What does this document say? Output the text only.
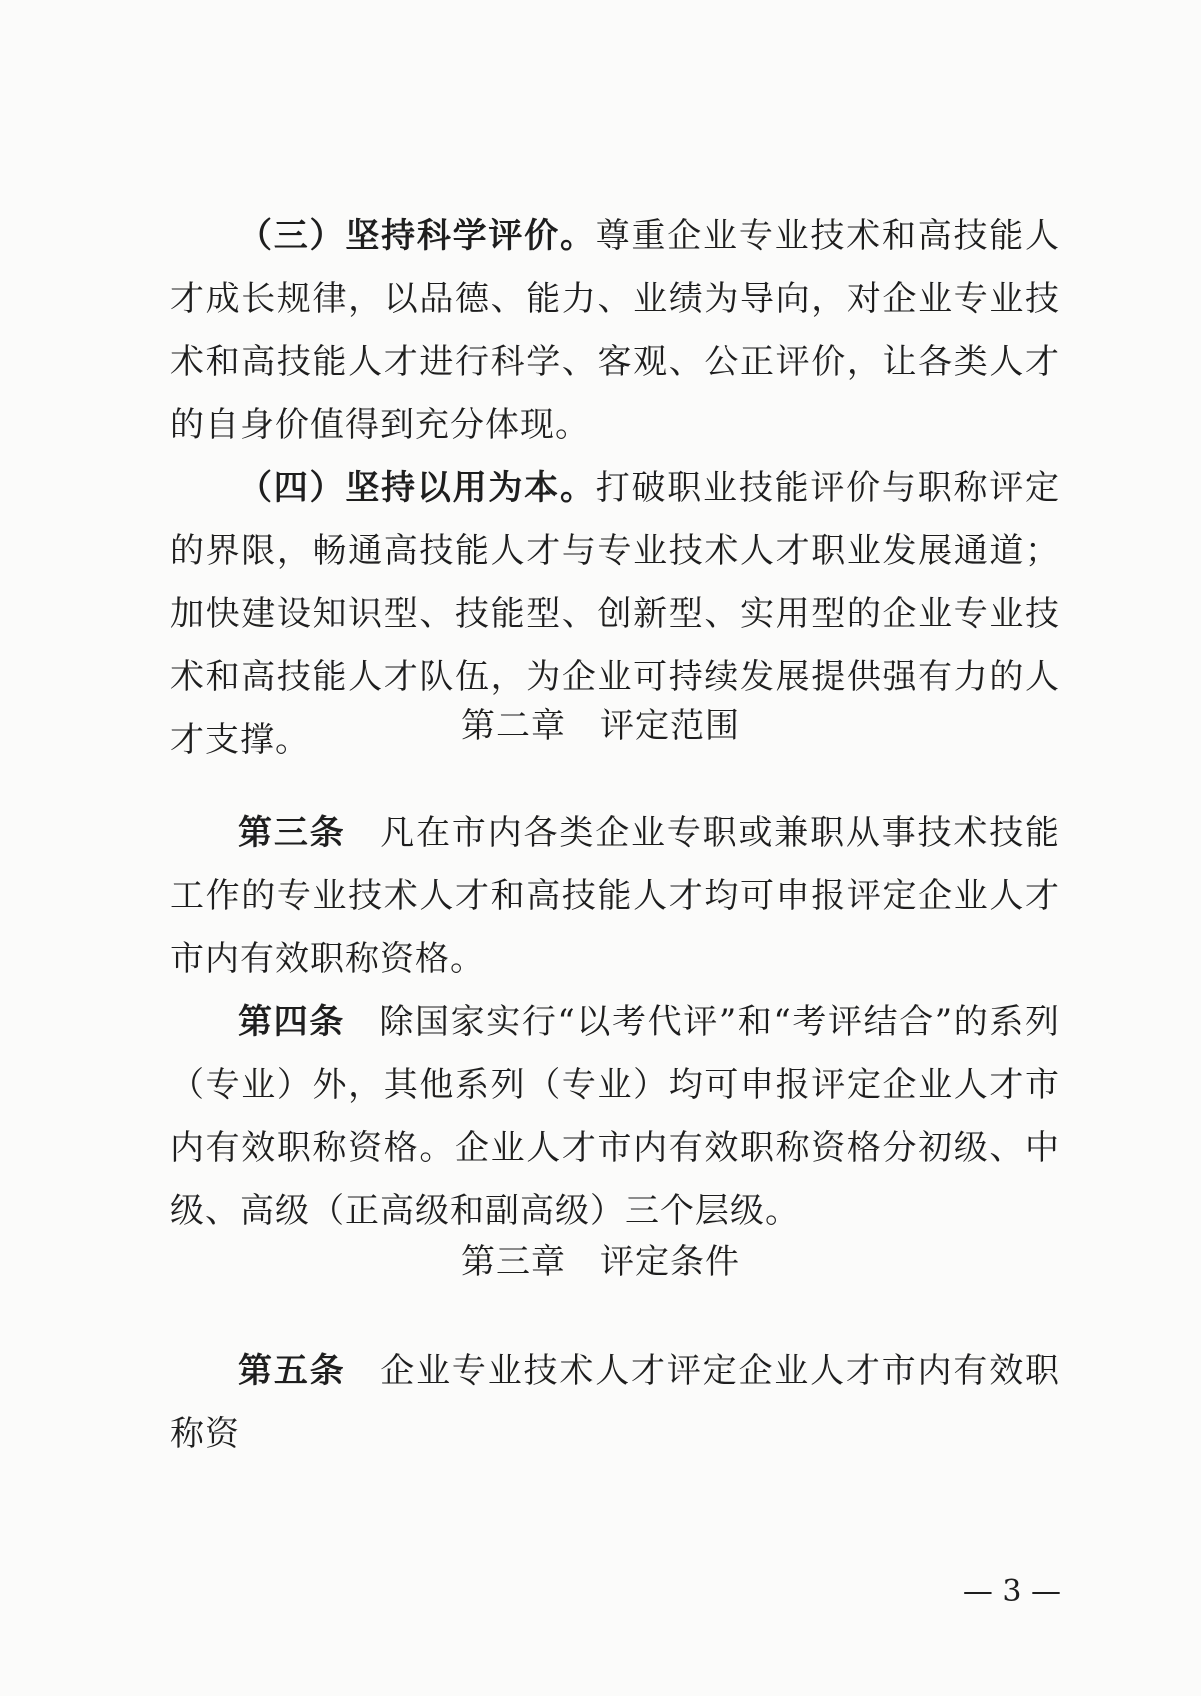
（三）坚持科学评价。尊重企业专业技术和高技能人才成长规律，以品德、能力、业绩为导向，对企业专业技术和高技能人才进行科学、客观、公正评价，让各类人才的自身价值得到充分体现。

（四）坚持以用为本。打破职业技能评价与职称评定的界限，畅通高技能人才与专业技术人才职业发展通道；加快建设知识型、技能型、创新型、实用型的企业专业技术和高技能人才队伍，为企业可持续发展提供强有力的人才支撑。	第二章 评定范围

第三条 凡在市内各类企业专职或兼职从事技术技能工作的专业技术人才和高技能人才均可申报评定企业人才市内有效职称资格。

第四条 除国家实行“以考代评”和“考评结合”的系列（专业）外，其他系列（专业）均可申报评定企业人才市内有效职称资格。企业人才市内有效职称资格分初级、中级、高级（正高级和副高级）三个层级。

第三章 评定条件

第五条 企业专业技术人才评定企业人才市内有效职称资

— 3 —
